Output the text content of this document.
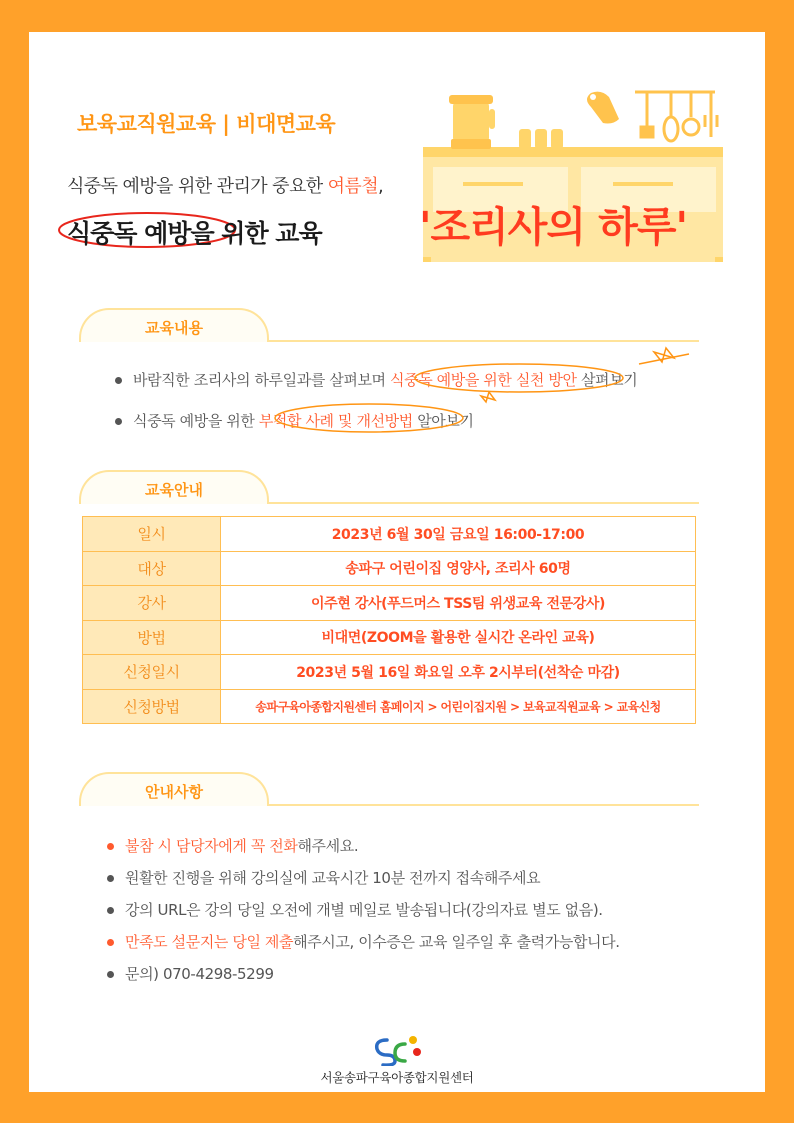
보육교직원교육 | 비대면교육
식중독 예방을 위한 관리가 중요한 여름철,
식중독 예방을 위한 교육 '조리사의 하루'
교육내용
바람직한 조리사의 하루일과를 살펴보며 식중독 예방을 위한 실천 방안 살펴보기
식중독 예방을 위한 부적합 사례 및 개선방법 알아보기
교육안내
일시	2023년 6월 30일 금요일 16:00-17:00
대상	송파구 어린이집 영양사, 조리사 60명
강사	이주현 강사(푸드머스 TSS팀 위생교육 전문강사)
방법	비대면(ZOOM을 활용한 실시간 온라인 교육)
신청일시	2023년 5월 16일 화요일 오후 2시부터(선착순 마감)
신청방법	송파구육아종합지원센터 홈페이지 > 어린이집지원 > 보육교직원교육 > 교육신청
안내사항
불참 시 담당자에게 꼭 전화해주세요.
원활한 진행을 위해 강의실에 교육시간 10분 전까지 접속해주세요
강의 URL은 강의 당일 오전에 개별 메일로 발송됩니다(강의자료 별도 없음).
만족도 설문지는 당일 제출해주시고, 이수증은 교육 일주일 후 출력가능합니다.
문의) 070-4298-5299
서울송파구육아종합지원센터
